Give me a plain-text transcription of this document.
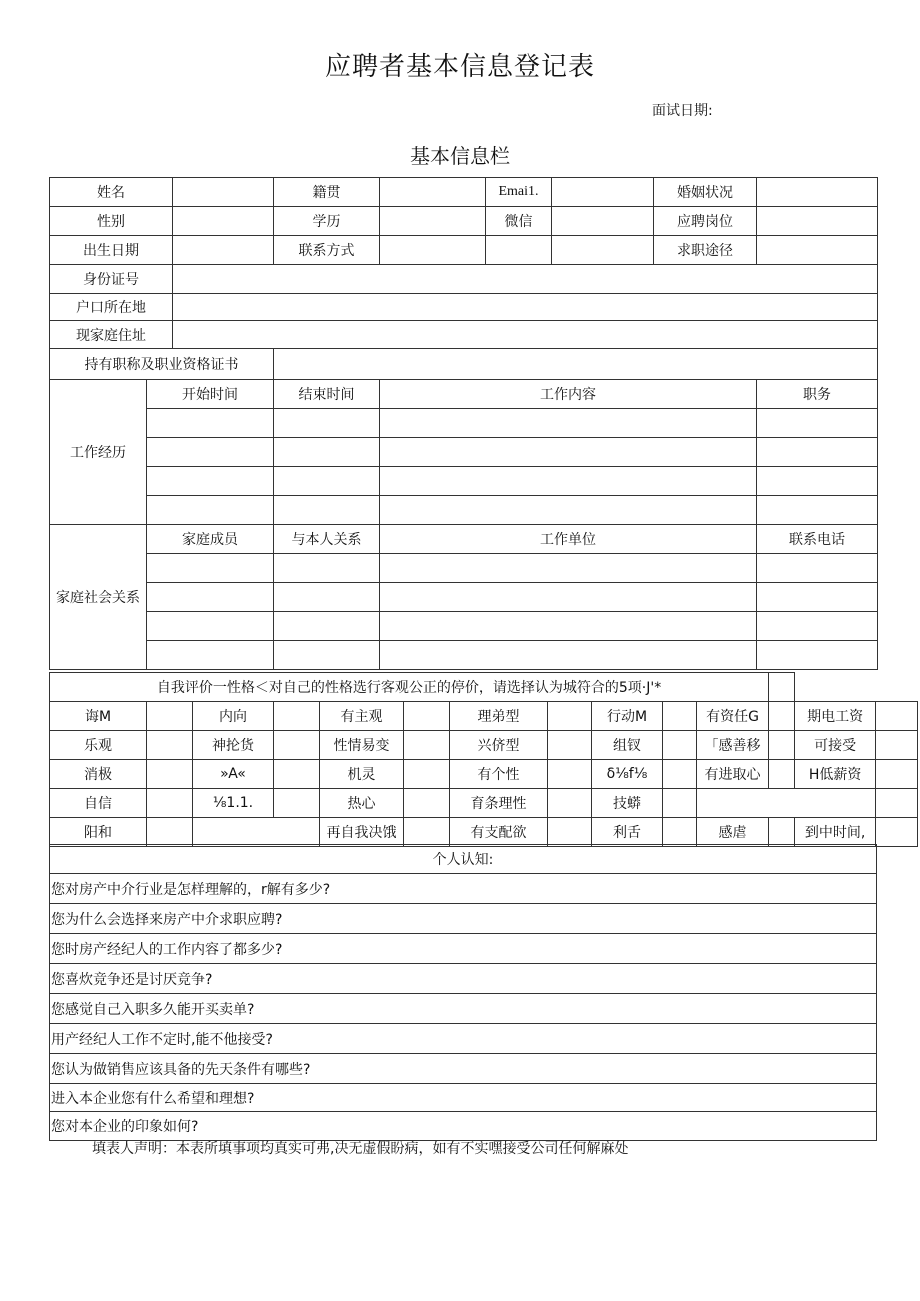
应聘者基本信息登记表
面试日期:
基本信息栏
姓名			籍贯		Emai1.		婚姻状况	
性别			学历		微信		应聘岗位	
出生日期			联系方式				求职途径	
身份证号								
户口所在地								
现家庭住址								
持有职称及职业资格证书								
工作经历	开始时间		结束时间	工作内容				职务

家庭社会关系	家庭成员		与本人关系	工作单位				联系电话

自我评价一性格＜对自己的性格选行客观公正的停价，请选择认为城符合的5项·J'*													
诲M		内向		有主观		理弟型		行动M		有资任G		期电工资	
乐观		神抡货		性情易变		兴侪型		组钗		「感善移		可接受	
消极		»A«		机灵		有个性		δ⅛f⅛		有进取心		H低薪资	
自信		⅛1.1.		热心		育条理性		技蟒					
阳和				再自我决饿		有支配欲		利舌		感虐		到中时间,	
个人认知:
您对房产中介行业是怎样理解的，r解有多少?
您为什么会选择来房产中介求职应聘?
您时房产经纪人的工作内容了都多少?
您喜炊竞争还是讨厌竞争?
您感觉自己入职多久能开买卖单?
用产经纪人工作不定时,能不他接受?
您认为做销售应该具备的先天条件有哪些?
进入本企业您有什么希望和理想?
您对本企业的印象如何?
填表人声明：本表所填事项均真实可弗,决无虚假盼病，如有不实嘿接受公司任何解麻处
